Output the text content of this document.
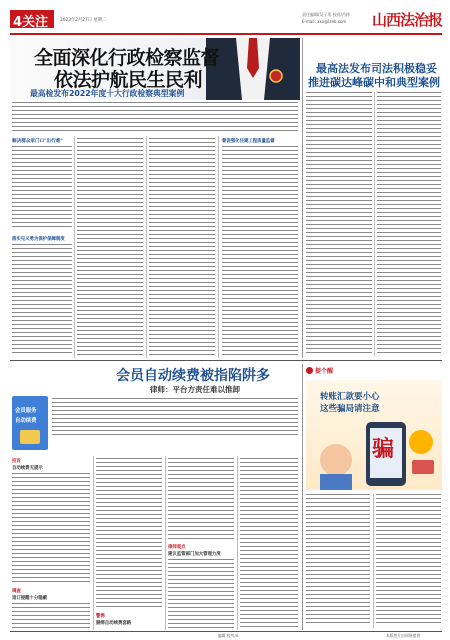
4关注	2023年2月27日 星期二
责任编辑/吴子男 校对/肖梓
E-mail: xxx@lzeb.com 山西法治报
全面深化行政检察监督
依法护航民生民利
最高检发布2022年度十大行政检察典型案例
解决群众家门口"出行难"
落实见义勇为保护保障制度
督促强化住建工程质量监督
最高法发布司法积极稳妥
推进碳达峰碳中和典型案例
会员自动续费被指陷阱多
律师：平台方责任难以推卸
会员服务
自动续费
投诉
自动续费无提示
调查
退订提醒十分隐蔽
警惕
捆绑自动续费套路
律师观点
建议监管部门加大管理力度
提个醒
转账汇款要小心
这些骗局请注意
骗
编辑 校对/X	本版图片由网络提供
